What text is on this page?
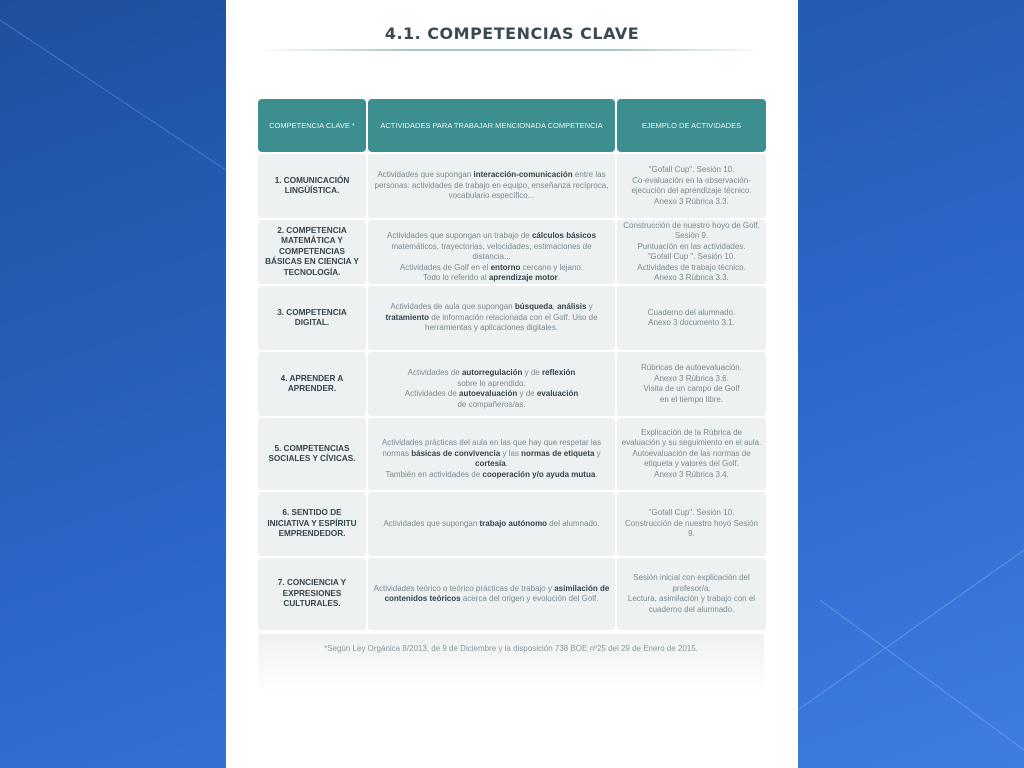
4.1. COMPETENCIAS CLAVE
COMPETENCIA CLAVE *	ACTIVIDADES PARA TRABAJAR MENCIONADA COMPETENCIA	EJEMPLO DE ACTIVIDADES
1. COMUNICACIÓN LINGÜÍSTICA.
Actividades que supongan interacción-comunicación entre las personas: actividades de trabajo en equipo, enseñanza recíproca, vocabulario específico...
"Gofall Cup". Sesión 10.
Co-evaluación en la observación-ejecución del aprendizaje técnico.
Anexo 3 Rúbrica 3.3.
2. COMPETENCIA MATEMÁTICA Y COMPETENCIAS BÁSICAS EN CIENCIA Y TECNOLOGÍA.

Actividades que supongan un trabajo de cálculos básicos matemáticos, trayectorias, velocidades, estimaciones de distancia...
Actividades de Golf en el entorno cercano y lejano.
Todo lo referido al aprendizaje motor.

Construcción de nuestro hoyo de Golf. Sesión 9.
Puntuación en las actividades.
"Gofall Cup ". Sesión 10.
Actividades de trabajo técnico.
Anexo 3 Rúbrica 3.3.
3. COMPETENCIA DIGITAL.
Actividades de aula que supongan búsqueda, análisis y tratamiento de información relacionada con el Golf. Uso de herramientas y aplicaciones digitales.
Cuaderno del alumnado.
Anexo 3 documento 3.1.
4. APRENDER A APRENDER.

Actividades de autorregulación y de reflexión
sobre lo aprendido.
Actividades de autoevaluación y de evaluación
de compañeros/as.

Rúbricas de autoevaluación.
Anexo 3 Rúbrica 3.6.
Visita de un campo de Golf
en el tiempo libre.
5. COMPETENCIAS SOCIALES Y CÍVICAS.

Actividades prácticas del aula en las que hay que respetar las normas básicas de convivencia y las normas de etiqueta y cortesía.
También en actividades de cooperación y/o ayuda mutua.

Explicación de la Rúbrica de evaluación y su seguimiento en el aula.
Autoevaluación de las normas de etiqueta y valores del Golf.
Anexo 3 Rúbrica 3.4.
6. SENTIDO DE INICIATIVA Y ESPÍRITU EMPRENDEDOR.
Actividades que supongan trabajo autónomo del alumnado.
"Gofall Cup". Sesión 10.
Construcción de nuestro hoyo Sesión 9.
7. CONCIENCIA Y EXPRESIONES CULTURALES.
Actividades teórico o teórico prácticas de trabajo y asimilación de contenidos teóricos acerca del origen y evolución del Golf.
Sesión inicial con explicación del profesor/a.
Lectura, asimilación y trabajo con el cuaderno del alumnado.
*Según Ley Orgánica 8/2013, de 9 de Diciembre y la disposición 738 BOE nº25 del 29 de Enero de 2015.
